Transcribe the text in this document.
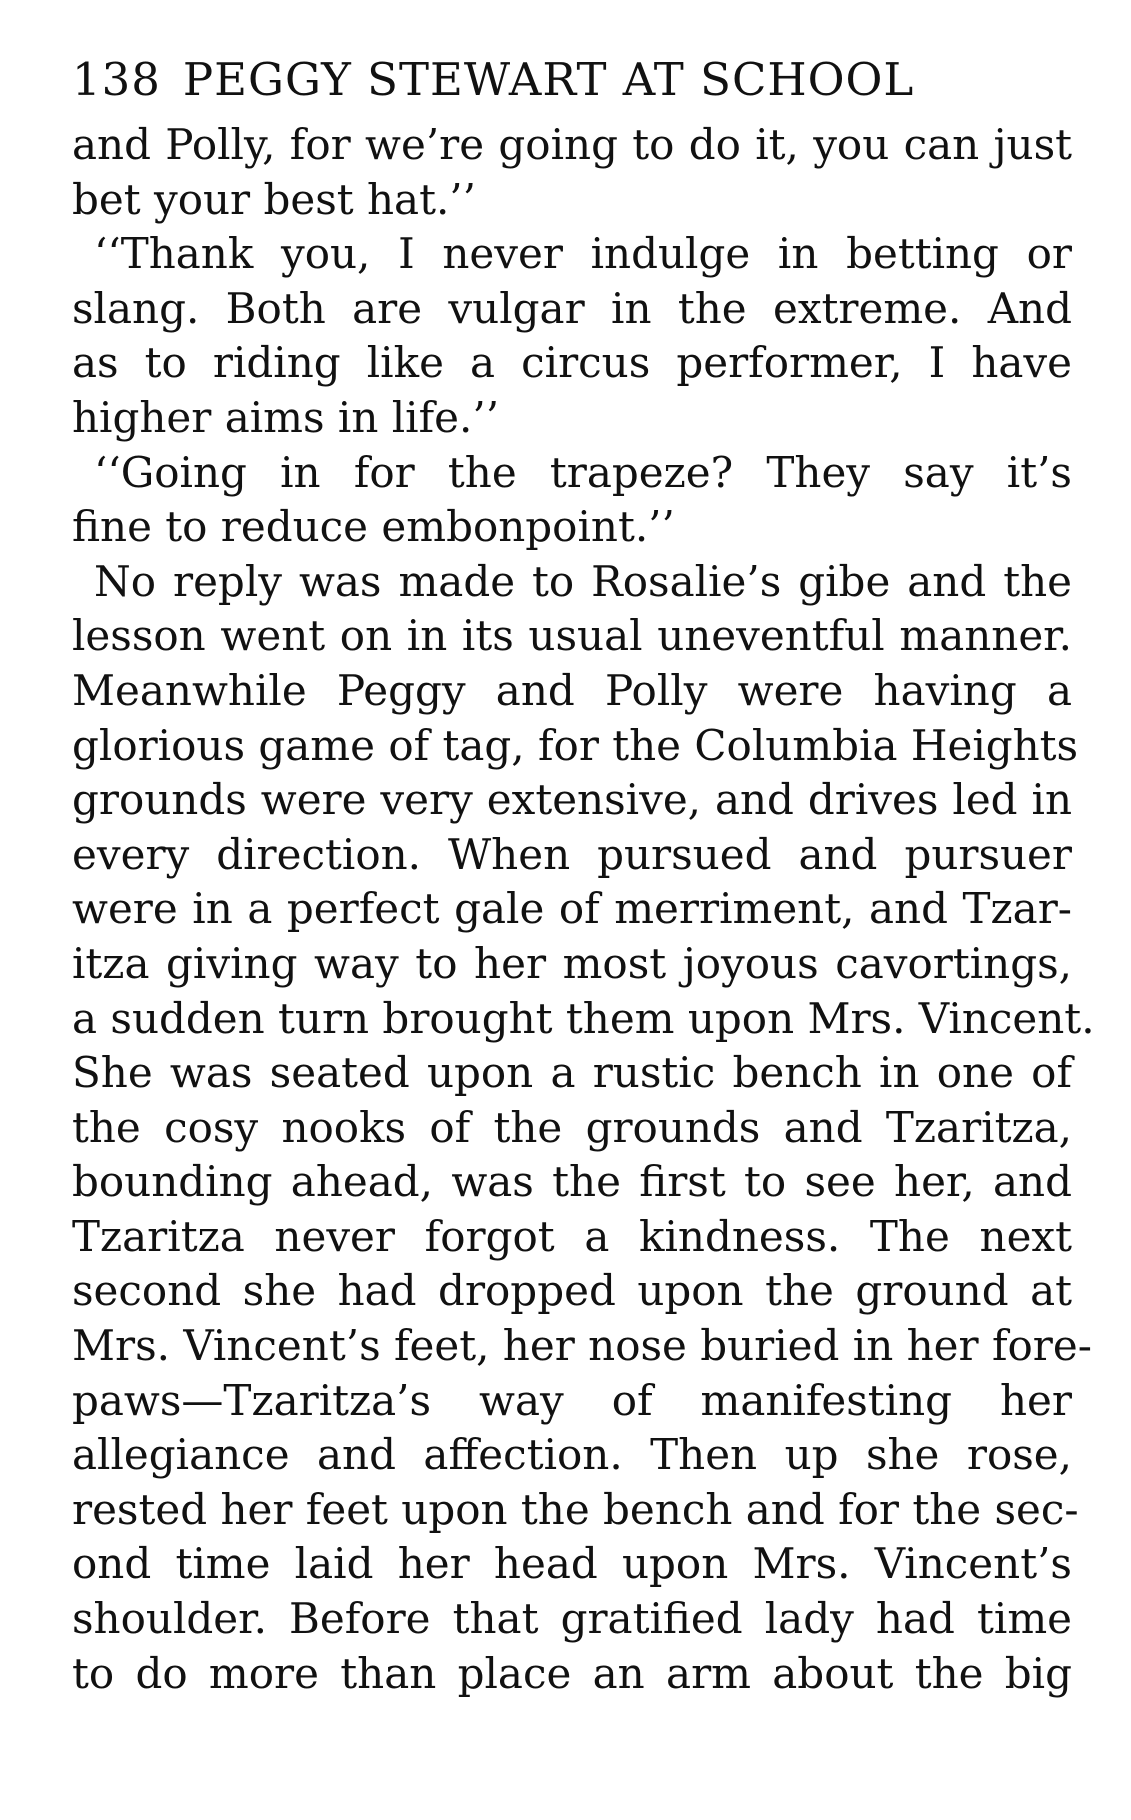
138 PEGGY STEWART AT SCHOOL
and Polly, for we’re going to do it, you can just
bet your best hat.’’
‘‘Thank you, I never indulge in betting or
slang. Both are vulgar in the extreme. And
as to riding like a circus performer, I have
higher aims in life.’’
‘‘Going in for the trapeze? They say it’s
fine to reduce embonpoint.’’
No reply was made to Rosalie’s gibe and the
lesson went on in its usual uneventful manner.
Meanwhile Peggy and Polly were having a
glorious game of tag, for the Columbia Heights
grounds were very extensive, and drives led in
every direction. When pursued and pursuer
were in a perfect gale of merriment, and Tzar-
itza giving way to her most joyous cavortings,
a sudden turn brought them upon Mrs. Vincent.
She was seated upon a rustic bench in one of
the cosy nooks of the grounds and Tzaritza,
bounding ahead, was the first to see her, and
Tzaritza never forgot a kindness. The next
second she had dropped upon the ground at
Mrs. Vincent’s feet, her nose buried in her fore-
paws—Tzaritza’s way of manifesting her
allegiance and affection. Then up she rose,
rested her feet upon the bench and for the sec-
ond time laid her head upon Mrs. Vincent’s
shoulder. Before that gratified lady had time
to do more than place an arm about the big
